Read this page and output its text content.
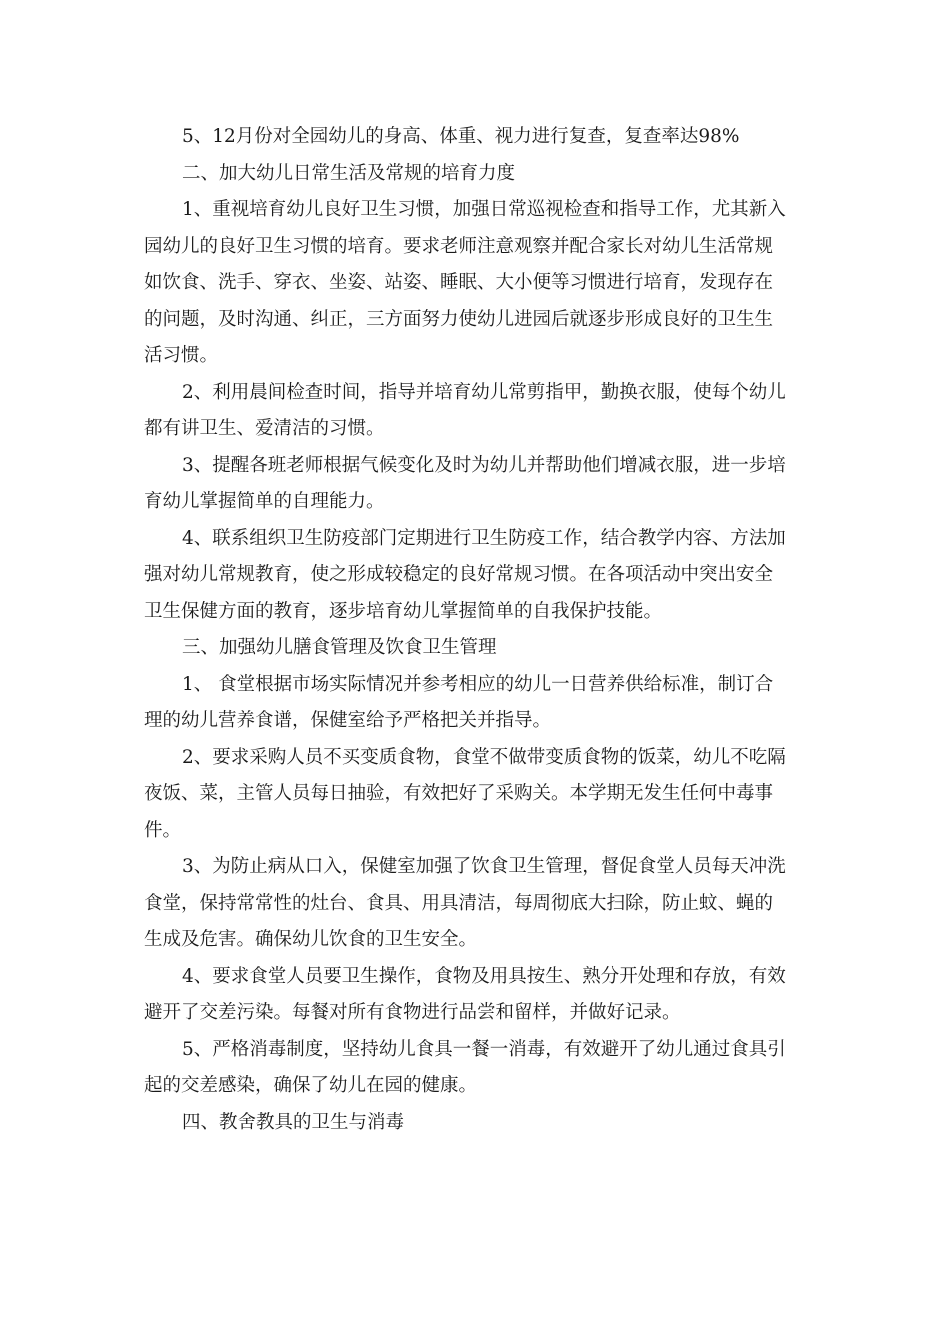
5、12月份对全园幼儿的身高、体重、视力进行复查，复查率达98%
二、加大幼儿日常生活及常规的培育力度
1、重视培育幼儿良好卫生习惯，加强日常巡视检查和指导工作，尤其新入
园幼儿的良好卫生习惯的培育。要求老师注意观察并配合家长对幼儿生活常规
如饮食、洗手、穿衣、坐姿、站姿、睡眠、大小便等习惯进行培育，发现存在
的问题，及时沟通、纠正，三方面努力使幼儿进园后就逐步形成良好的卫生生
活习惯。
2、利用晨间检查时间，指导并培育幼儿常剪指甲，勤换衣服，使每个幼儿
都有讲卫生、爱清洁的习惯。
3、提醒各班老师根据气候变化及时为幼儿并帮助他们增减衣服，进一步培
育幼儿掌握简单的自理能力。
4、联系组织卫生防疫部门定期进行卫生防疫工作，结合教学内容、方法加
强对幼儿常规教育，使之形成较稳定的良好常规习惯。在各项活动中突出安全
卫生保健方面的教育，逐步培育幼儿掌握简单的自我保护技能。
三、加强幼儿膳食管理及饮食卫生管理
1、 食堂根据市场实际情况并参考相应的幼儿一日营养供给标准，制订合
理的幼儿营养食谱，保健室给予严格把关并指导。
2、要求采购人员不买变质食物，食堂不做带变质食物的饭菜，幼儿不吃隔
夜饭、菜，主管人员每日抽验，有效把好了采购关。本学期无发生任何中毒事
件。
3、为防止病从口入，保健室加强了饮食卫生管理，督促食堂人员每天冲洗
食堂，保持常常性的灶台、食具、用具清洁，每周彻底大扫除，防止蚊、蝇的
生成及危害。确保幼儿饮食的卫生安全。
4、要求食堂人员要卫生操作，食物及用具按生、熟分开处理和存放，有效
避开了交差污染。每餐对所有食物进行品尝和留样，并做好记录。
5、严格消毒制度，坚持幼儿食具一餐一消毒，有效避开了幼儿通过食具引
起的交差感染，确保了幼儿在园的健康。
四、教舍教具的卫生与消毒
